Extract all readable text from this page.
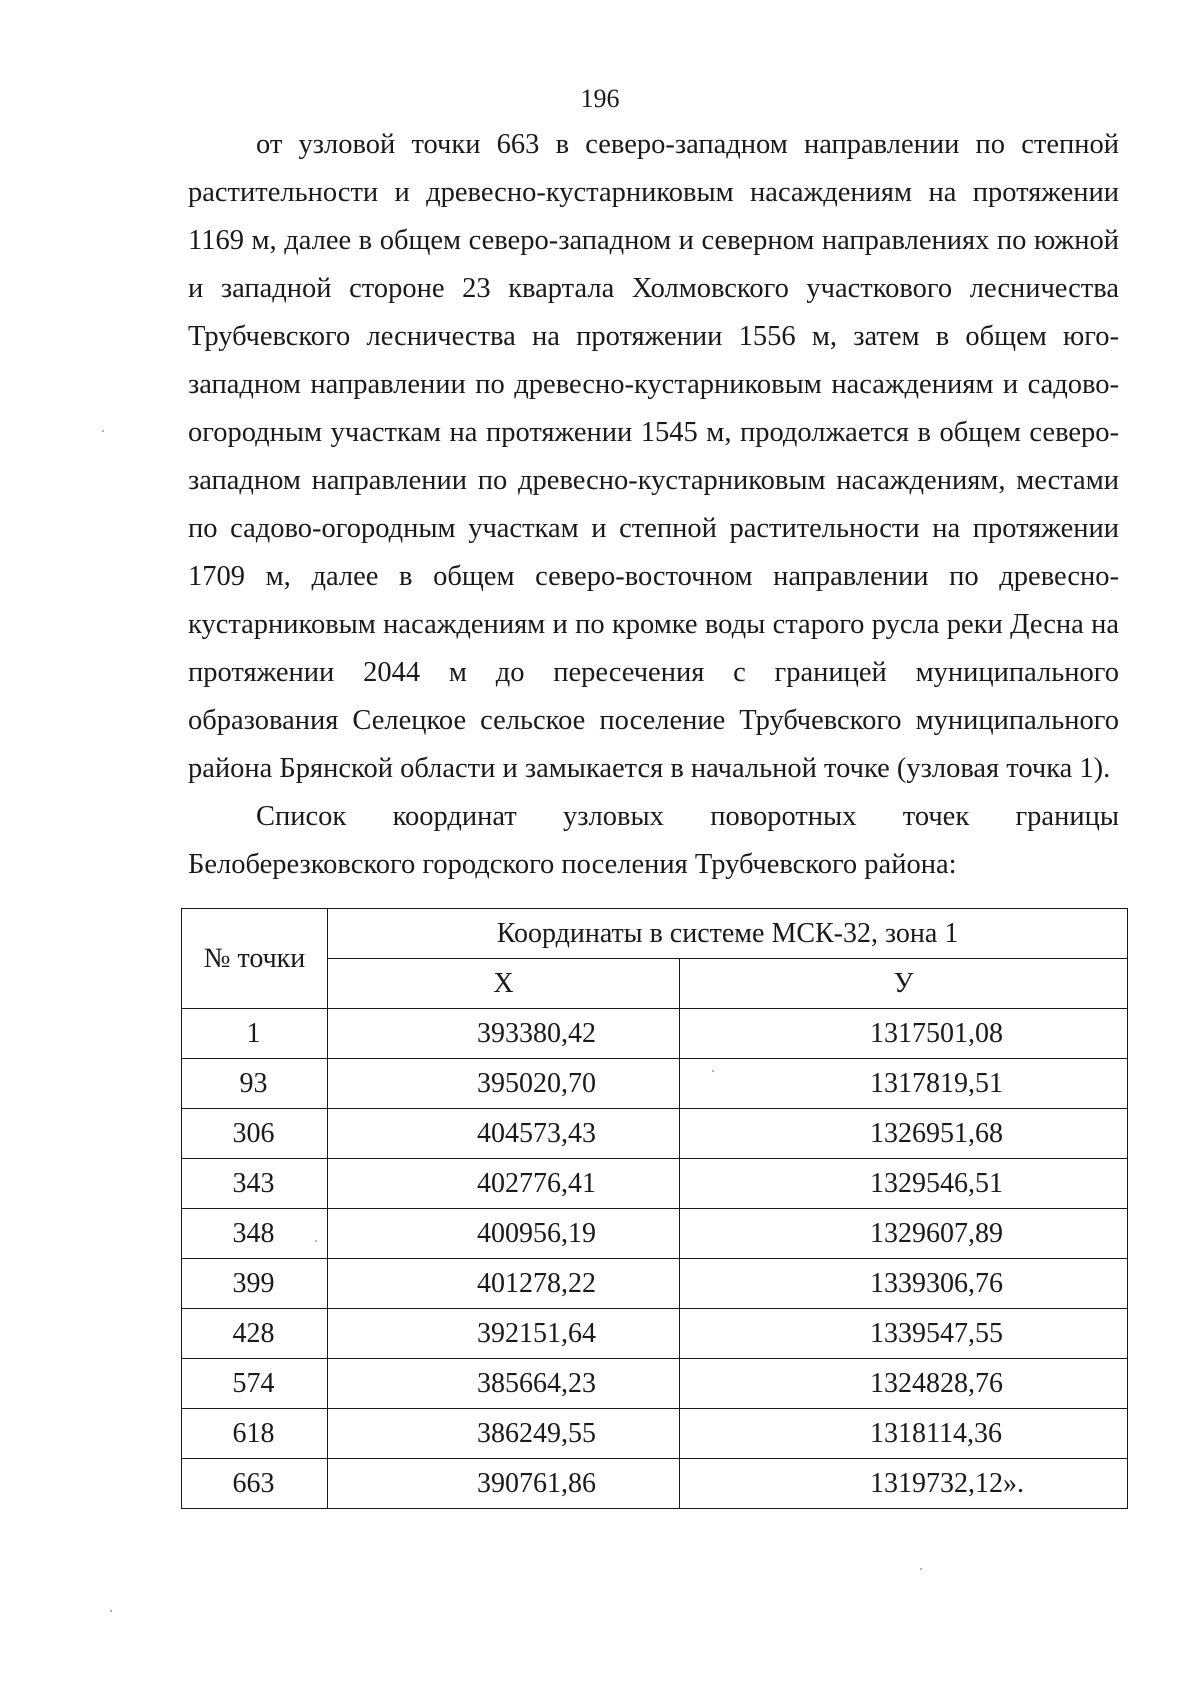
196

от узловой точки 663 в северо-западном направлении по степной растительности и древесно-кустарниковым насаждениям на протяжении 1169 м, далее в общем северо-западном и северном направлениях по южной и западной стороне 23 квартала Холмовского участкового лесничества Трубчевского лесничества на протяжении 1556 м, затем в общем юго-западном направлении по древесно-кустарниковым насаждениям и садово-огородным участкам на протяжении 1545 м, продолжается в общем северо-западном направлении по древесно-кустарниковым насаждениям, местами по садово-огородным участкам и степной растительности на протяжении 1709 м, далее в общем северо-восточном направлении по древесно-кустарниковым насаждениям и по кромке воды старого русла реки Десна на протяжении 2044 м до пересечения с границей муниципального образования Селецкое сельское поселение Трубчевского муниципального района Брянской области и замыкается в начальной точке (узловая точка 1).

Список координат узловых поворотных точек границы Белоберезковского городского поселения Трубчевского района:

№ точки	Координаты в системе МСК-32, зона 1	
	X	У
1	393380,42	1317501,08
93	395020,70	1317819,51
306	404573,43	1326951,68
343	402776,41	1329546,51
348	400956,19	1329607,89
399	401278,22	1339306,76
428	392151,64	1339547,55
574	385664,23	1324828,76
618	386249,55	1318114,36
663	390761,86	1319732,12».
